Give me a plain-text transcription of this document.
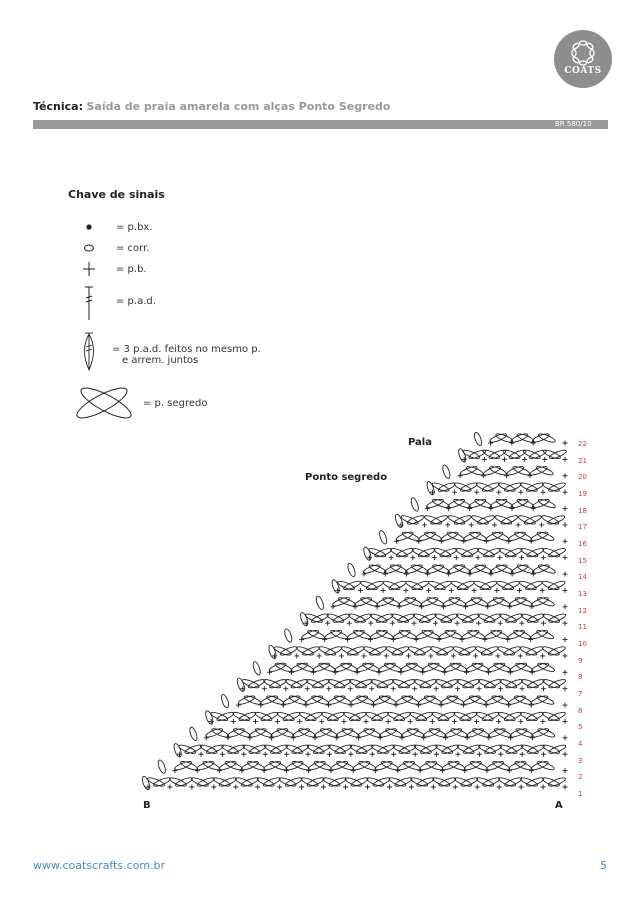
COATS
Técnica: Saída de praia amarela com alças Ponto Segredo
BR 580/10
Chave de sinais
= p.bx.
= corr.
= p.b.
= p.a.d.
= 3 p.a.d. feitos no mesmo p.
e arrem. juntos
= p. segredo
Pala
Ponto segredo
B	A
22
21
20
19
18
17
16
15
14
13
12
11
10
9
8
7
6
5
4
3
2
1
www.coatscrafts.com.br	5
